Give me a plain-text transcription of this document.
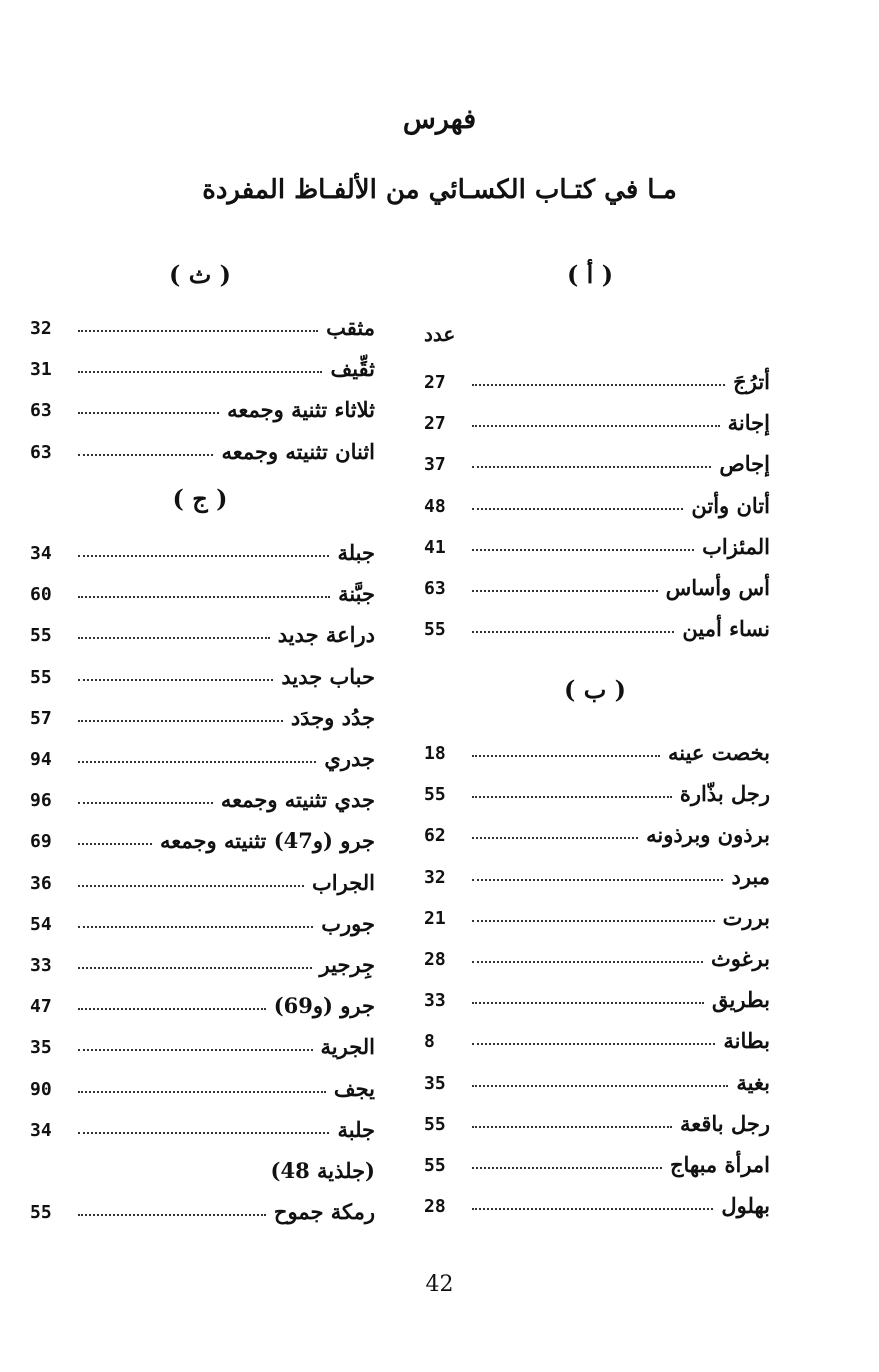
فهرس
مـا في كتـاب الكسـائي من الألفـاظ المفردة
( أ )
عدد
أترُجَ
27
إجانة
27
إجاص
37
أتان وأتن
48
المئزاب
41
أس وأساس
63
نساء أمين
55
( ب )
بخصت عينه
18
رجل بذّارة
55
برذون وبرذونه
62
مبرد
32
بررت
21
برغوث
28
بطريق
33
بطانة
8
بغية
35
رجل باقعة
55
امرأة مبهاج
55
بهلول
28
( ث )
مثقب
32
ثقِّيف
31
ثلاثاء تثنية وجمعه
63
اثنان تثنيته وجمعه
63
( ج )
جبلة
34
جبَّنة
60
دراعة جديد
55
حباب جديد
55
جدُد وجدَد
57
جدري
94
جدي تثنيته وجمعه
96
جرو (و47) تثنيته وجمعه
69
الجراب
36
جورب
54
جِرجير
33
جرو (و69)
47
الجرية
35
يجف
90
جلبة
34
(جلذية 48)
رمكة جموح
55
42
